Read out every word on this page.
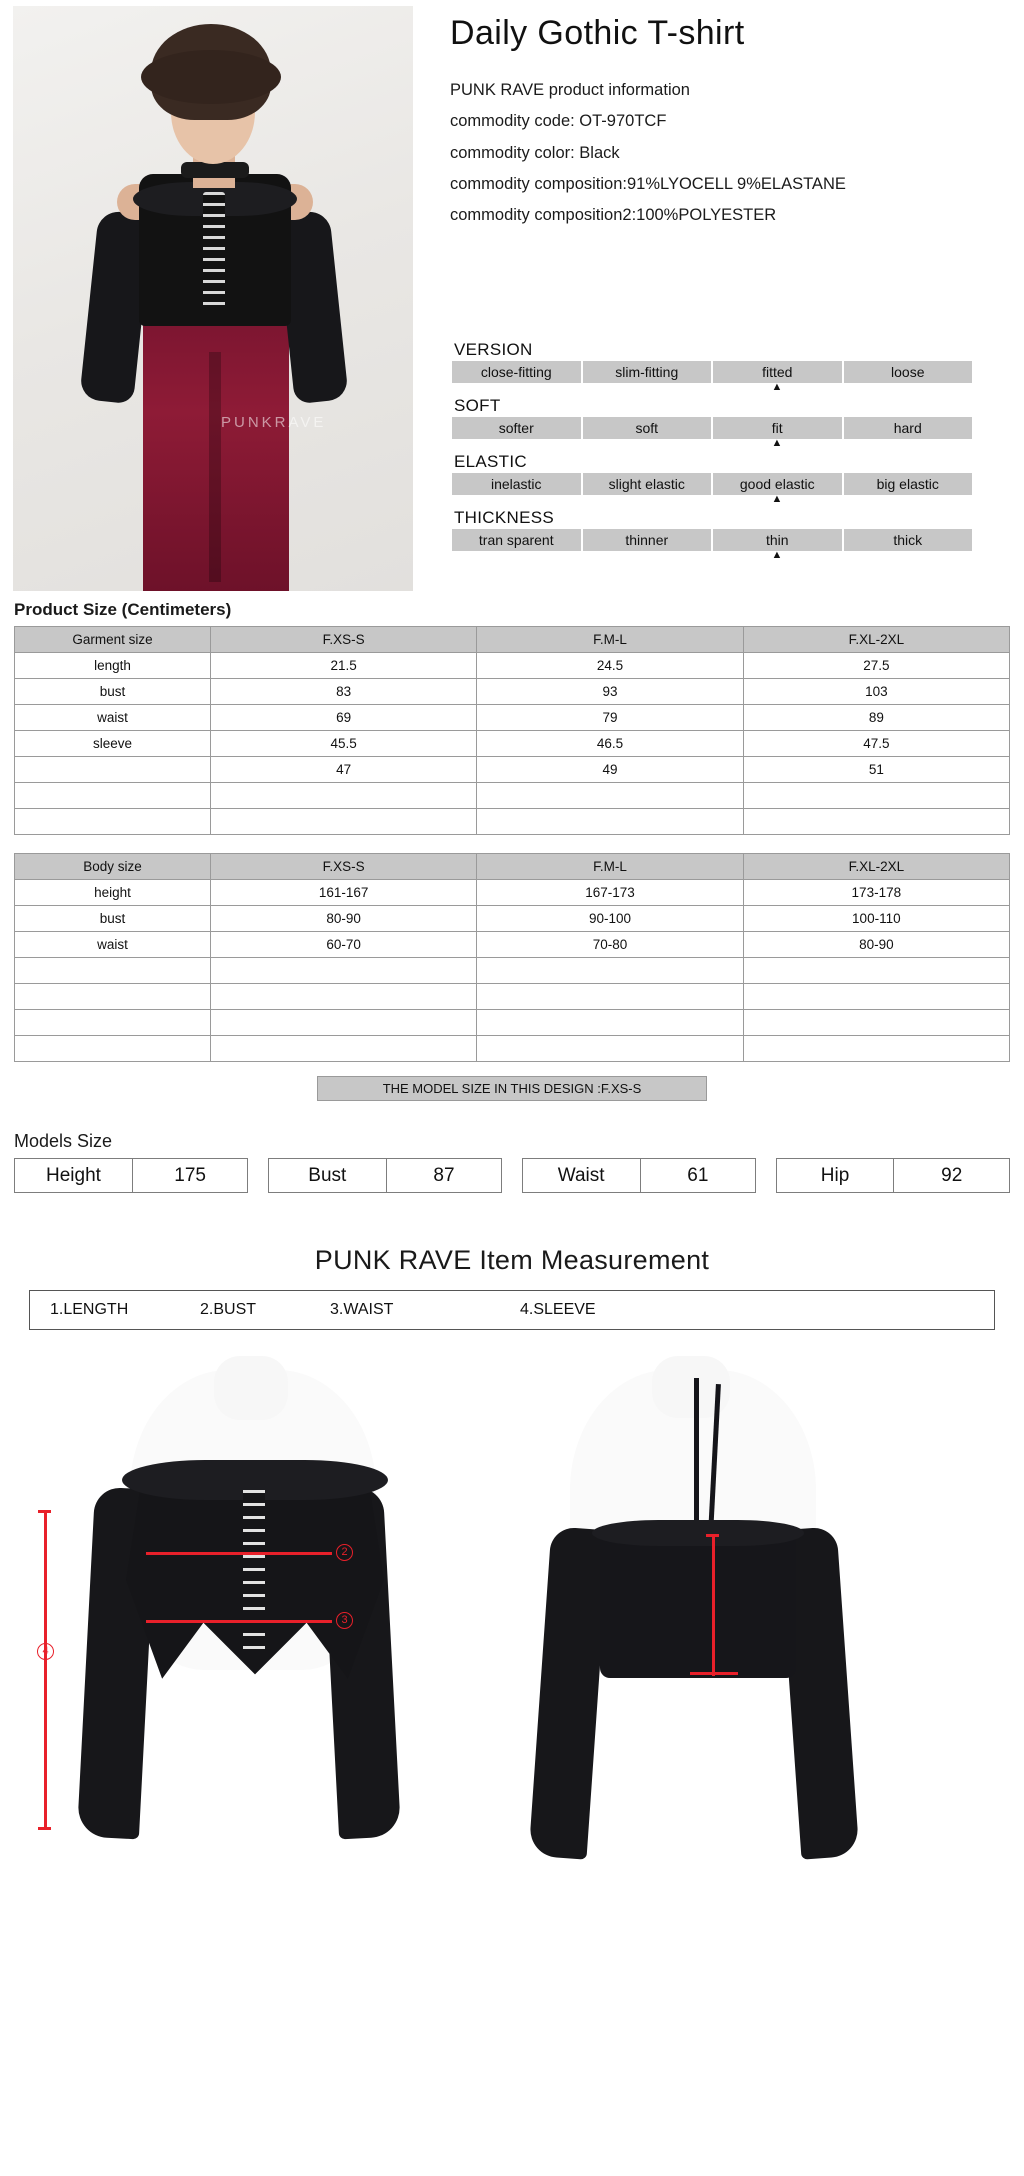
PUNKRAVE
Daily Gothic T-shirt

PUNK RAVE product information

commodity code: OT-970TCF

commodity color: Black

commodity composition:91%LYOCELL 9%ELASTANE

commodity composition2:100%POLYESTER

VERSION
close-fitting	slim-fitting	fitted	loose
▲
SOFT
softer	soft	fit	hard
▲
ELASTIC
inelastic	slight elastic	good elastic	big elastic
▲
THICKNESS
tran sparent	thinner	thin	thick
▲
Product Size (Centimeters)
Garment size	F.XS-S	F.M-L	F.XL-2XL
length	21.5	24.5	27.5
bust	83	93	103
waist	69	79	89
sleeve	45.5	46.5	47.5
	47	49	51

Body size	F.XS-S	F.M-L	F.XL-2XL
height	161-167	167-173	173-178
bust	80-90	90-100	100-110
waist	60-70	70-80	80-90

THE MODEL SIZE IN THIS DESIGN :F.XS-S
Models Size
Height	175		Bust	87		Waist	61		Hip	92
PUNK RAVE Item Measurement
1.LENGTH	2.BUST	3.WAIST	4.SLEEVE
4
2
3
